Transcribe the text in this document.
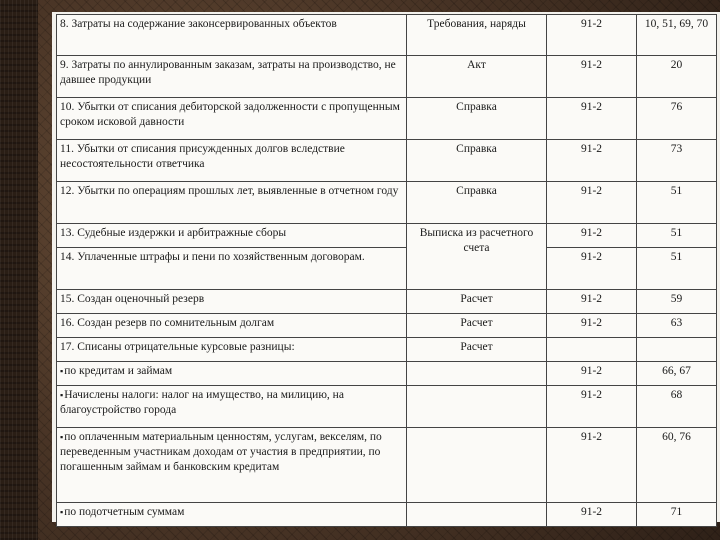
8. Затраты на содержание законсервированных объектов	Требования, наряды	91-2	10, 51, 69, 70
9. Затраты по аннулированным заказам, затраты на производство, не давшее продукции	Акт	91-2	20
10. Убытки от списания дебиторской задолженности с пропущенным сроком исковой давности	Справка	91-2	76
11. Убытки от списания присужденных долгов вследствие несостоятельности ответчика	Справка	91-2	73
12. Убытки по операциям прошлых лет, выявленные в отчетном году	Справка	91-2	51
13. Судебные издержки и арбитражные сборы	Выписка из расчетного счета	91-2	51
14. Уплаченные штрафы и пени по хозяйственным договорам.		91-2	51
15. Создан оценочный резерв	Расчет	91-2	59
16. Создан резерв по сомнительным долгам	Расчет	91-2	63
17. Списаны отрицательные курсовые разницы:	Расчет		
▪по кредитам и займам		91-2	66, 67
▪Начислены налоги: налог на имущество, на милицию, на благоустройство города		91-2	68
▪по оплаченным материальным ценностям, услугам, векселям, по переведенным участникам доходам от участия в предприятии, по погашенным займам и банковским кредитам		91-2	60, 76
▪по подотчетным суммам		91-2	71
